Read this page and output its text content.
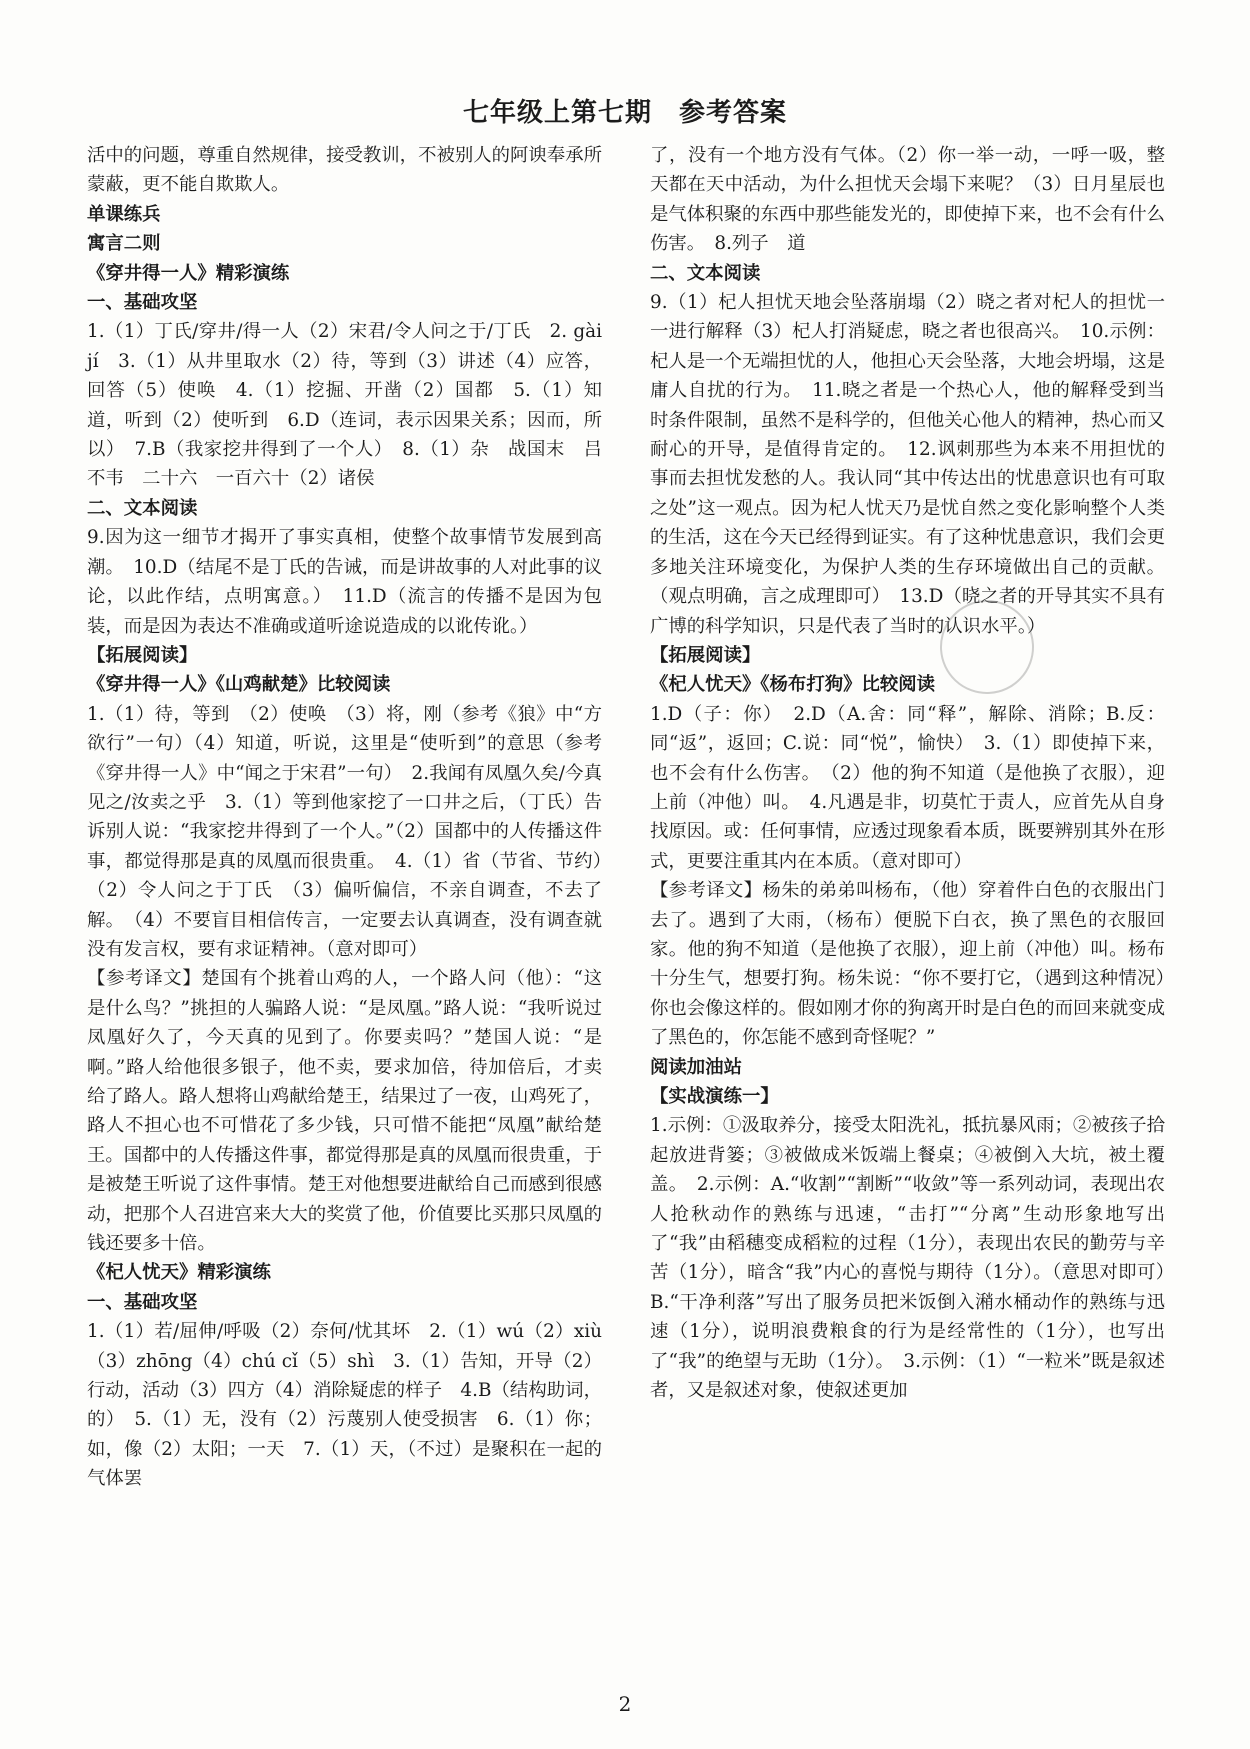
七年级上第七期　参考答案

活中的问题，尊重自然规律，接受教训，不被别人的阿谀奉承所蒙蔽，更不能自欺欺人。

单课练兵

寓言二则

《穿井得一人》精彩演练

一、基础攻坚

1.（1）丁氏/穿井/得一人（2）宋君/令人问之于/丁氏　2. gài jí　3.（1）从井里取水（2）待，等到（3）讲述（4）应答，回答（5）使唤　4.（1）挖掘、开凿（2）国都　5.（1）知道，听到（2）使听到　6.D（连词，表示因果关系；因而，所以）　7.B（我家挖井得到了一个人）　8.（1）杂　战国末　吕不韦　二十六　一百六十（2）诸侯

二、文本阅读

9.因为这一细节才揭开了事实真相，使整个故事情节发展到高潮。　10.D（结尾不是丁氏的告诫，而是讲故事的人对此事的议论，以此作结，点明寓意。）　11.D（流言的传播不是因为包装，而是因为表达不准确或道听途说造成的以讹传讹。）

【拓展阅读】

《穿井得一人》《山鸡献楚》比较阅读

1.（1）待，等到　（2）使唤　（3）将，刚（参考《狼》中“方欲行”一句）（4）知道，听说，这里是“使听到”的意思（参考《穿井得一人》中“闻之于宋君”一句）　2.我闻有凤凰久矣/今真见之/汝卖之乎　3.（1）等到他家挖了一口井之后，（丁氏）告诉别人说：“我家挖井得到了一个人。”（2）国都中的人传播这件事，都觉得那是真的凤凰而很贵重。　4.（1）省（节省、节约）　（2）令人问之于丁氏　（3）偏听偏信，不亲自调查，不去了解。　（4）不要盲目相信传言，一定要去认真调查，没有调查就没有发言权，要有求证精神。（意对即可）

【参考译文】楚国有个挑着山鸡的人，一个路人问（他）：“这是什么鸟？”挑担的人骗路人说：“是凤凰。”路人说：“我听说过凤凰好久了，今天真的见到了。你要卖吗？”楚国人说：“是啊。”路人给他很多银子，他不卖，要求加倍，待加倍后，才卖给了路人。路人想将山鸡献给楚王，结果过了一夜，山鸡死了，路人不担心也不可惜花了多少钱，只可惜不能把“凤凰”献给楚王。国都中的人传播这件事，都觉得那是真的凤凰而很贵重，于是被楚王听说了这件事情。楚王对他想要进献给自己而感到很感动，把那个人召进宫来大大的奖赏了他，价值要比买那只凤凰的钱还要多十倍。

《杞人忧天》精彩演练

一、基础攻坚

1.（1）若/屈伸/呼吸（2）奈何/忧其坏　2.（1）wú（2）xiù（3）zhōng（4）chú cǐ（5）shì　3.（1）告知，开导（2）行动，活动（3）四方（4）消除疑虑的样子　4.B（结构助词，的）　5.（1）无，没有（2）污蔑别人使受损害　6.（1）你；如，像（2）太阳；一天　7.（1）天，（不过）是聚积在一起的气体罢

了，没有一个地方没有气体。（2）你一举一动，一呼一吸，整天都在天中活动，为什么担忧天会塌下来呢？（3）日月星辰也是气体积聚的东西中那些能发光的，即使掉下来，也不会有什么伤害。　8.列子　道

二、文本阅读

9.（1）杞人担忧天地会坠落崩塌（2）晓之者对杞人的担忧一一进行解释（3）杞人打消疑虑，晓之者也很高兴。　10.示例：杞人是一个无端担忧的人，他担心天会坠落，大地会坍塌，这是庸人自扰的行为。　11.晓之者是一个热心人，他的解释受到当时条件限制，虽然不是科学的，但他关心他人的精神，热心而又耐心的开导，是值得肯定的。　12.讽刺那些为本来不用担忧的事而去担忧发愁的人。我认同“其中传达出的忧患意识也有可取之处”这一观点。因为杞人忧天乃是忧自然之变化影响整个人类的生活，这在今天已经得到证实。有了这种忧患意识，我们会更多地关注环境变化，为保护人类的生存环境做出自己的贡献。（观点明确，言之成理即可）　13.D（晓之者的开导其实不具有广博的科学知识，只是代表了当时的认识水平。）

【拓展阅读】

《杞人忧天》《杨布打狗》比较阅读

1.D（子：你）　2.D（A.舍：同“释”，解除、消除；B.反：同“返”，返回；C.说：同“悦”，愉快）　3.（1）即使掉下来，也不会有什么伤害。　（2）他的狗不知道（是他换了衣服），迎上前（冲他）叫。　4.凡遇是非，切莫忙于责人，应首先从自身找原因。或：任何事情，应透过现象看本质，既要辨别其外在形式，更要注重其内在本质。（意对即可）

【参考译文】杨朱的弟弟叫杨布，（他）穿着件白色的衣服出门去了。遇到了大雨，（杨布）便脱下白衣，换了黑色的衣服回家。他的狗不知道（是他换了衣服），迎上前（冲他）叫。杨布十分生气，想要打狗。杨朱说：“你不要打它，（遇到这种情况）你也会像这样的。假如刚才你的狗离开时是白色的而回来就变成了黑色的，你怎能不感到奇怪呢？”

阅读加油站

【实战演练一】

1.示例：①汲取养分，接受太阳洗礼，抵抗暴风雨；②被孩子拾起放进背篓；③被做成米饭端上餐桌；④被倒入大坑，被土覆盖。　2.示例：A.“收割”“割断”“收敛”等一系列动词，表现出农人抢秋动作的熟练与迅速，“击打”“分离”生动形象地写出了“我”由稻穗变成稻粒的过程（1分），表现出农民的勤劳与辛苦（1分），暗含“我”内心的喜悦与期待（1分）。（意思对即可）　B.“干净利落”写出了服务员把米饭倒入潲水桶动作的熟练与迅速（1分），说明浪费粮食的行为是经常性的（1分），也写出了“我”的绝望与无助（1分）。　3.示例：（1）“一粒米”既是叙述者，又是叙述对象，使叙述更加

2
